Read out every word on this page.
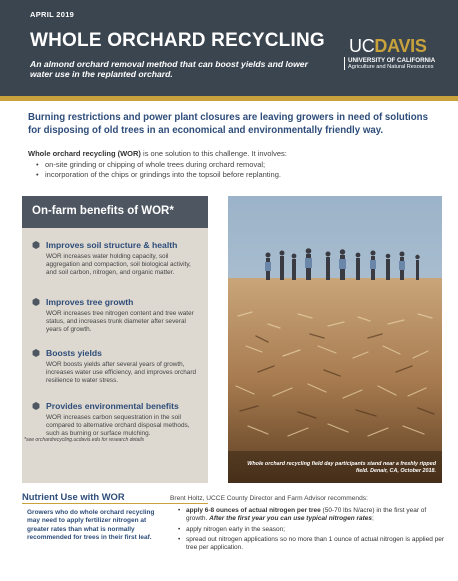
APRIL 2019
WHOLE ORCHARD RECYCLING
An almond orchard removal method that can boost yields and lower water use in the replanted orchard.
UCDAVIS
UNIVERSITY OF CALIFORNIA
Agriculture and Natural Resources
Burning restrictions and power plant closures are leaving growers in need of solutions for disposing of old trees in an economical and environmentally friendly way.
Whole orchard recycling (WOR) is one solution to this challenge. It involves:
• on-site grinding or chipping of whole trees during orchard removal;
• incorporation of the chips or grindings into the topsoil before replanting.
On-farm benefits of WOR*
Improves soil structure & health
WOR increases water holding capacity, soil aggregation and compaction, soil biological activity, and soil carbon, nitrogen, and organic matter.
Improves tree growth
WOR increases tree nitrogen content and tree water status, and increases trunk diameter after several years of growth.
Boosts yields
WOR boosts yields after several years of growth, increases water use efficiency, and improves orchard resilience to water stress.
Provides environmental benefits
WOR increases carbon sequestration in the soil compared to alternative orchard disposal methods, such as burning or surface mulching.
*see orchardrecycling.ucdavis.edu for research details
Whole orchard recycling field day participants stand near a freshly ripped field. Denair, CA, October 2018.
Nutrient Use with WOR
Growers who do whole orchard recycling may need to apply fertilizer nitrogen at greater rates than what is normally recommended for trees in their first leaf.
Brent Holtz, UCCE County Director and Farm Advisor recommends:
• apply 6-8 ounces of actual nitrogen per tree (50-70 lbs N/acre) in the first year of growth. After the first year you can use typical nitrogen rates;
• apply nitrogen early in the season;
• spread out nitrogen applications so no more than 1 ounce of actual nitrogen is applied per tree per application.
